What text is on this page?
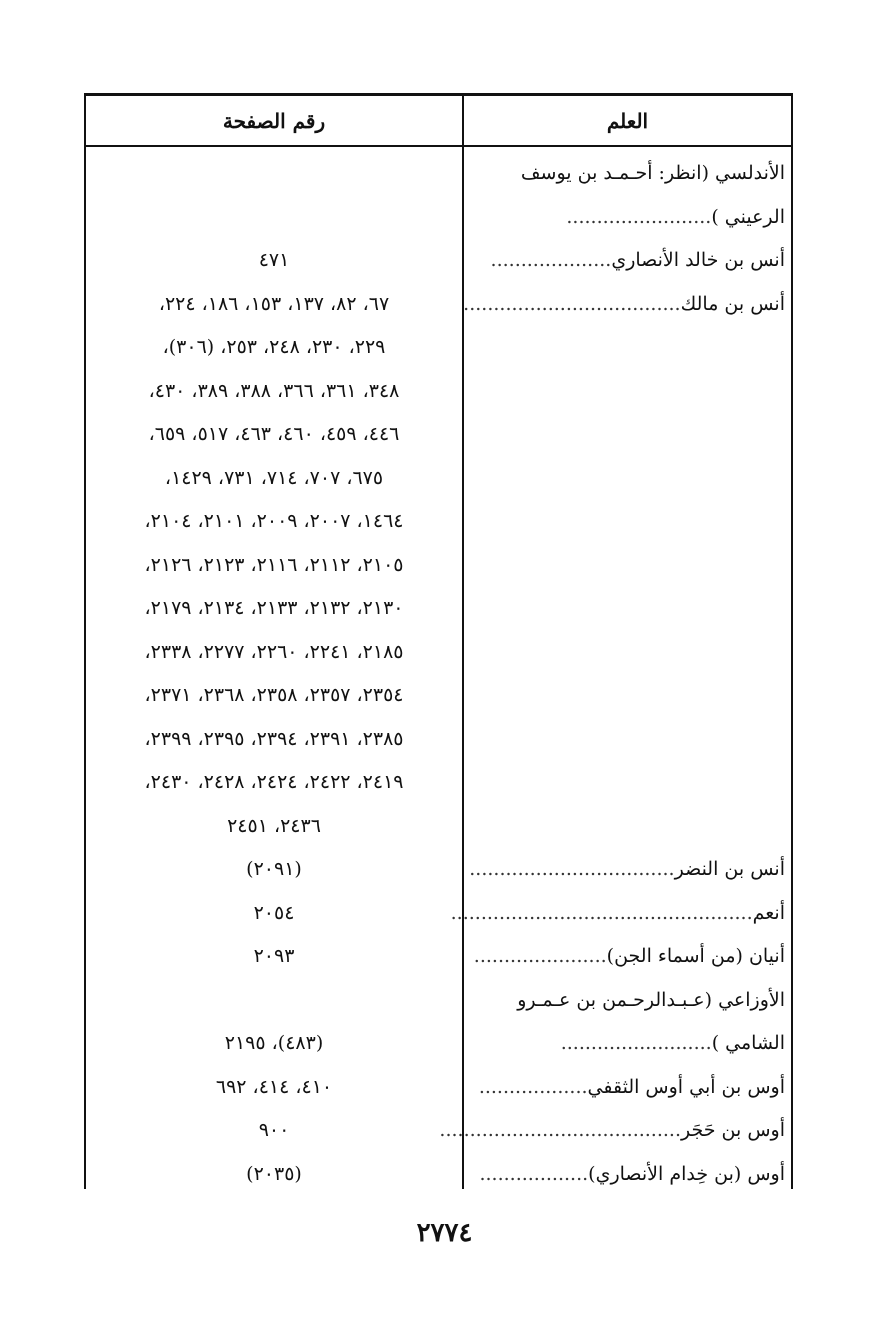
العلم
رقم الصفحة
الأندلسي (انظر: أحـمـد بن يوسف
الرعيني )........................
أنس بن خالد الأنصاري....................
٤٧١
أنس بن مالك....................................
٦٧، ٨٢، ١٣٧، ١٥٣، ١٨٦، ٢٢٤،
٢٢٩، ٢٣٠، ٢٤٨، ٢٥٣، (٣٠٦)،
٣٤٨، ٣٦١، ٣٦٦، ٣٨٨، ٣٨٩، ٤٣٠،
٤٤٦، ٤٥٩، ٤٦٠، ٤٦٣، ٥١٧، ٦٥٩،
٦٧٥، ٧٠٧، ٧١٤، ٧٣١، ١٤٢٩،
١٤٦٤، ٢٠٠٧، ٢٠٠٩، ٢١٠١، ٢١٠٤،
٢١٠٥، ٢١١٢، ٢١١٦، ٢١٢٣، ٢١٢٦،
٢١٣٠، ٢١٣٢، ٢١٣٣، ٢١٣٤، ٢١٧٩،
٢١٨٥، ٢٢٤١، ٢٢٦٠، ٢٢٧٧، ٢٣٣٨،
٢٣٥٤، ٢٣٥٧، ٢٣٥٨، ٢٣٦٨، ٢٣٧١،
٢٣٨٥، ٢٣٩١، ٢٣٩٤، ٢٣٩٥، ٢٣٩٩،
٢٤١٩، ٢٤٢٢، ٢٤٢٤، ٢٤٢٨، ٢٤٣٠،
٢٤٣٦، ٢٤٥١
أنس بن النضر..................................
(٢٠٩١)
أنعم..................................................
٢٠٥٤
أنيان (من أسماء الجن)......................
٢٠٩٣
الأوزاعي (عـبـدالرحـمن بن عـمـرو
الشامي ).........................
(٤٨٣)، ٢١٩٥
أوس بن أبي أوس الثقفي..................
٤١٠، ٤١٤، ٦٩٢
أوس بن حَجَر........................................
٩٠٠
أوس (بن خِدام الأنصاري)..................
(٢٠٣٥)
٢٧٧٤
